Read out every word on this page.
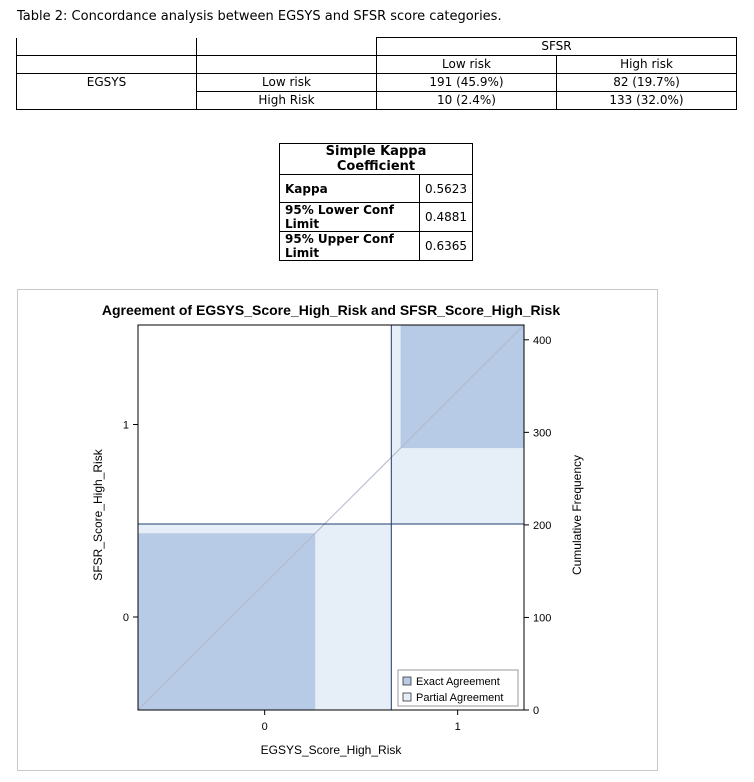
Table 2: Concordance analysis between EGSYS and SFSR score categories.
		SFSR	
		Low risk	High risk
EGSYS	Low risk	191 (45.9%)	82 (19.7%)
	High Risk	10 (2.4%)	133 (32.0%)
Simple Kappa Coefficient	
Kappa	0.5623
95% Lower Conf Limit	0.4881
95% Upper Conf Limit	0.6365
Agreement of EGSYS_Score_High_Risk and SFSR_Score_High_Risk
0
1
0	1
0
100
200
300
400
Exact Agreement
Partial Agreement
EGSYS_Score_High_Risk
SFSR_Score_High_Risk	Cumulative Frequency
